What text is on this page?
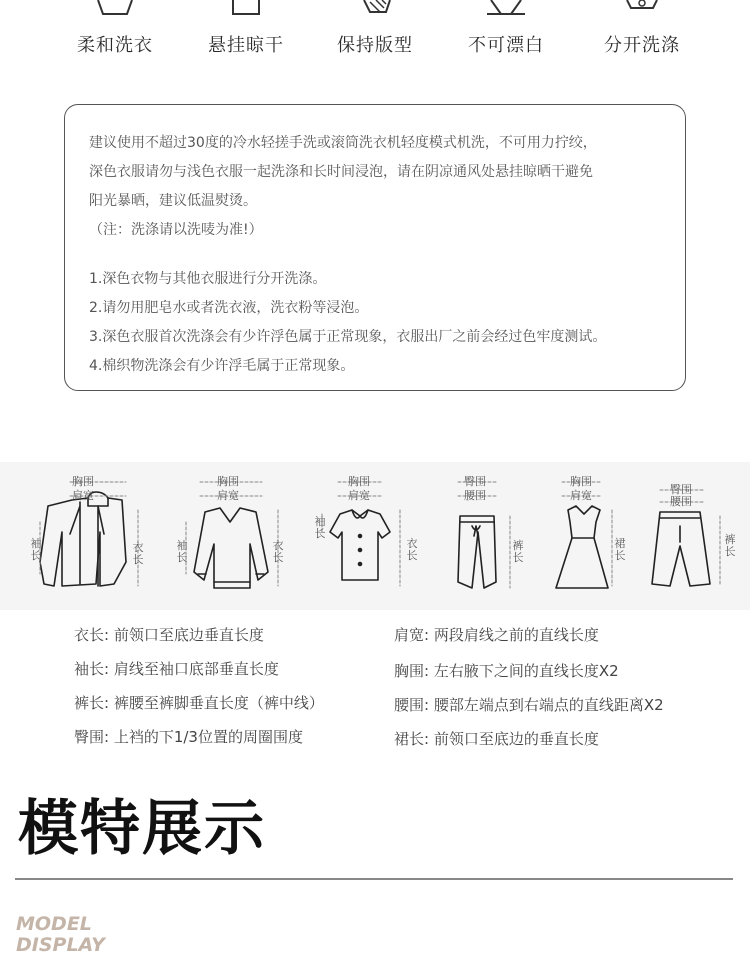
柔和洗衣	悬挂晾干	保持版型	不可漂白	分开洗涤

建议使用不超过30度的冷水轻搓手洗或滚筒洗衣机轻度模式机洗，不可用力拧绞，

深色衣服请勿与浅色衣服一起洗涤和长时间浸泡，请在阴凉通风处悬挂晾晒干避免

阳光暴晒，建议低温熨烫。

（注：洗涤请以洗唛为准!）

1.深色衣物与其他衣服进行分开洗涤。

2.请勿用肥皂水或者洗衣液，洗衣粉等浸泡。

3.深色衣服首次洗涤会有少许浮色属于正常现象，衣服出厂之前会经过色牢度测试。

4.棉织物洗涤会有少许浮毛属于正常现象。

胸围
肩宽
袖长
衣长
胸围
肩宽
袖长
衣长
胸围
肩宽
袖长
衣长
臀围
腰围
裤长
胸围
肩宽
裙长
臀围
腰围
裤长
衣长: 前领口至底边垂直长度
袖长: 肩线至袖口底部垂直长度
裤长: 裤腰至裤脚垂直长度（裤中线）
臀围: 上裆的下1/3位置的周圈围度
肩宽: 两段肩线之前的直线长度
胸围: 左右腋下之间的直线长度X2
腰围: 腰部左端点到右端点的直线距离X2
裙长: 前领口至底边的垂直长度
模特展示
MODEL
DISPLAY
